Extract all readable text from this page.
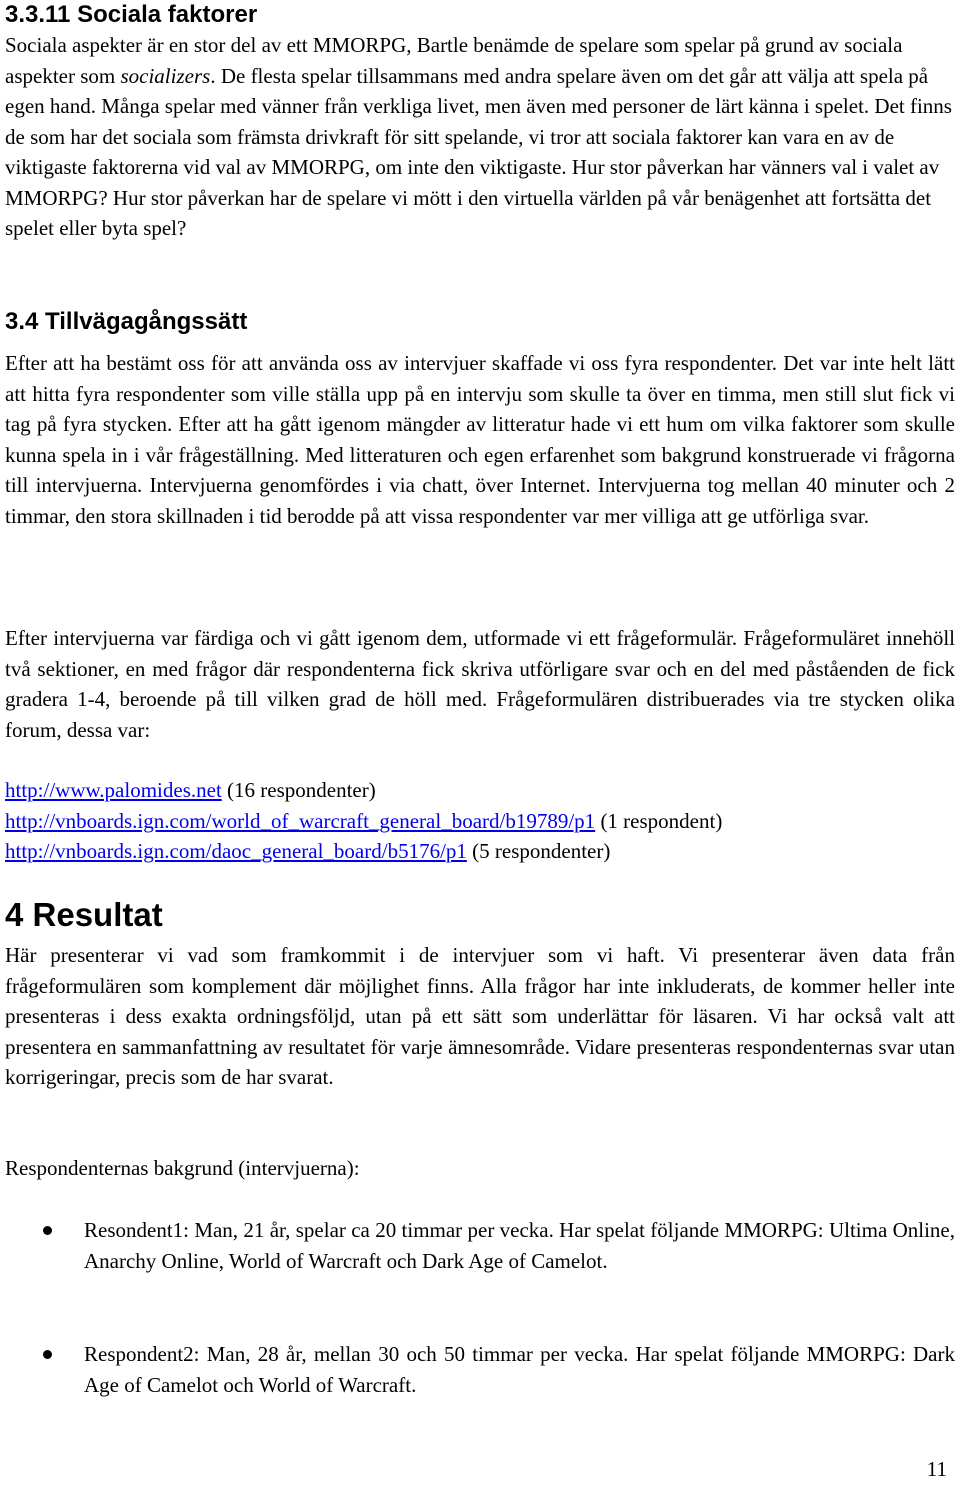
3.3.11 Sociala faktorer

Sociala aspekter är en stor del av ett MMORPG, Bartle benämde de spelare som spelar på grund av sociala aspekter som socializers. De flesta spelar tillsammans med andra spelare även om det går att välja att spela på egen hand. Många spelar med vänner från verkliga livet, men även med personer de lärt känna i spelet. Det finns de som har det sociala som främsta drivkraft för sitt spelande, vi tror att sociala faktorer kan vara en av de viktigaste faktorerna vid val av MMORPG, om inte den viktigaste. Hur stor påverkan har vänners val i valet av MMORPG? Hur stor påverkan har de spelare vi mött i den virtuella världen på vår benägenhet att fortsätta det spelet eller byta spel?

3.4 Tillvägagångssätt

Efter att ha bestämt oss för att använda oss av intervjuer skaffade vi oss fyra respondenter. Det var inte helt lätt att hitta fyra respondenter som ville ställa upp på en intervju som skulle ta över en timma, men still slut fick vi tag på fyra stycken. Efter att ha gått igenom mängder av litteratur hade vi ett hum om vilka faktorer som skulle kunna spela in i vår frågeställning. Med litteraturen och egen erfarenhet som bakgrund konstruerade vi frågorna till intervjuerna. Intervjuerna genomfördes i via chatt, över Internet. Intervjuerna tog mellan 40 minuter och 2 timmar, den stora skillnaden i tid berodde på att vissa respondenter var mer villiga att ge utförliga svar.

Efter intervjuerna var färdiga och vi gått igenom dem, utformade vi ett frågeformulär. Frågeformuläret innehöll två sektioner, en med frågor där respondenterna fick skriva utförligare svar och en del med påståenden de fick gradera 1-4, beroende på till vilken grad de höll med. Frågeformulären distribuerades via tre stycken olika forum, dessa var:

http://www.palomides.net (16 respondenter)
http://vnboards.ign.com/world_of_warcraft_general_board/b19789/p1 (1 respondent)
http://vnboards.ign.com/daoc_general_board/b5176/p1 (5 respondenter)
4 Resultat

Här presenterar vi vad som framkommit i de intervjuer som vi haft. Vi presenterar även data från frågeformulären som komplement där möjlighet finns. Alla frågor har inte inkluderats, de kommer heller inte presenteras i dess exakta ordningsföljd, utan på ett sätt som underlättar för läsaren. Vi har också valt att presentera en sammanfattning av resultatet för varje ämnesområde. Vidare presenteras respondenternas svar utan korrigeringar, precis som de har svarat.

Respondenternas bakgrund (intervjuerna):

Resondent1: Man, 21 år, spelar ca 20 timmar per vecka. Har spelat följande MMORPG: Ultima Online, Anarchy Online, World of Warcraft och Dark Age of Camelot.

Respondent2: Man, 28 år, mellan 30 och 50 timmar per vecka. Har spelat följande MMORPG: Dark Age of Camelot och World of Warcraft.

11
